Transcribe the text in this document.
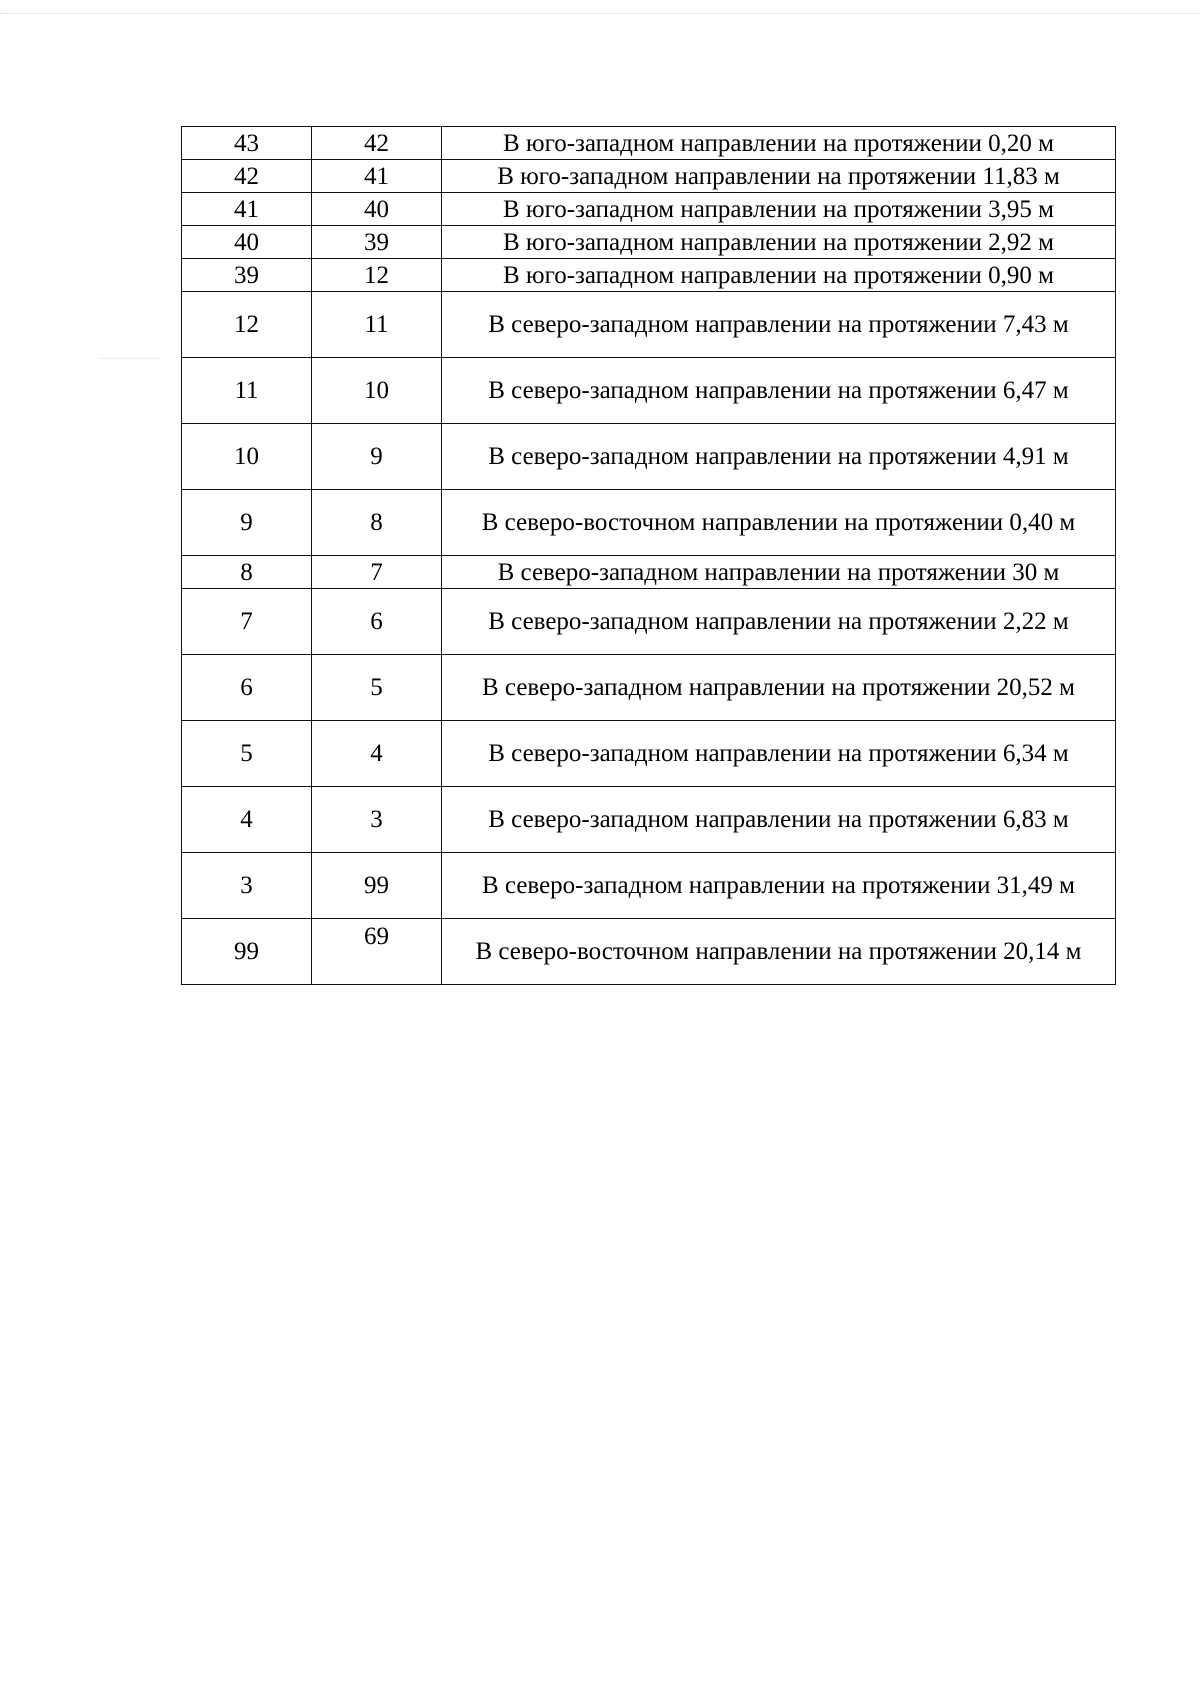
43	42	В юго-западном направлении на протяжении 0,20 м
42	41	В юго-западном направлении на протяжении 11,83 м
41	40	В юго-западном направлении на протяжении 3,95 м
40	39	В юго-западном направлении на протяжении 2,92 м
39	12	В юго-западном направлении на протяжении 0,90 м
12	11	В северо-западном направлении на протяжении 7,43 м
11	10	В северо-западном направлении на протяжении 6,47 м
10	9	В северо-западном направлении на протяжении 4,91 м
9	8	В северо-восточном направлении на протяжении 0,40 м
8	7	В северо-западном направлении на протяжении 30 м
7	6	В северо-западном направлении на протяжении 2,22 м
6	5	В северо-западном направлении на протяжении 20,52 м
5	4	В северо-западном направлении на протяжении 6,34 м
4	3	В северо-западном направлении на протяжении 6,83 м
3	99	В северо-западном направлении на протяжении 31,49 м
99	69	В северо-восточном направлении на протяжении 20,14 м
